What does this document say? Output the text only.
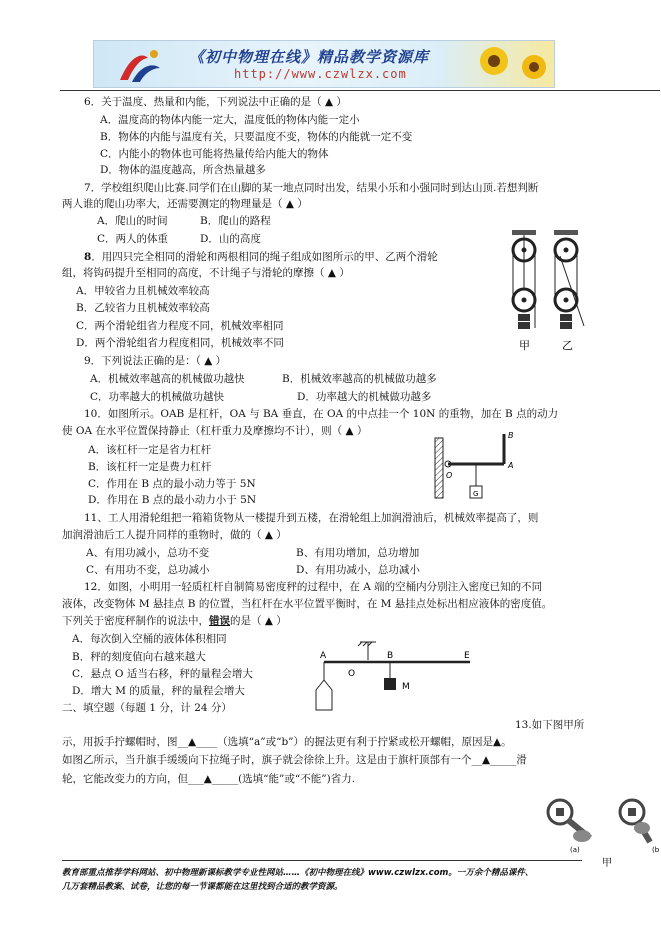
《初中物理在线》精品教学资源库
http://www.czwlzx.com
6．关于温度、热量和内能，下列说法中正确的是（ ▲ ）
A．温度高的物体内能一定大，温度低的物体内能一定小
B．物体的内能与温度有关，只要温度不变，物体的内能就一定不变
C．内能小的物体也可能将热量传给内能大的物体
D．物体的温度越高，所含热量越多
7．学校组织爬山比赛.同学们在山脚的某一地点同时出发，结果小乐和小强同时到达山顶.若想判断
两人谁的爬山功率大，还需要测定的物理量是（ ▲ ）
A．爬山的时间	B．爬山的路程
C．两人的体重	D．山的高度
8．用四只完全相同的滑轮和两根相同的绳子组成如图所示的甲、乙两个滑轮
组，将钩码提升至相同的高度，不计绳子与滑轮的摩擦（ ▲ ）
A．甲较省力且机械效率较高
B．乙较省力且机械效率较高
C．两个滑轮组省力程度不同，机械效率相同
D．两个滑轮组省力程度相同，机械效率不同	甲	乙
9．下列说法正确的是：（ ▲ ）
A．机械效率越高的机械做功越快	B．机械效率越高的机械做功越多
C．功率越大的机械做功越快	D．功率越大的机械做功越多
10．如图所示。OAB 是杠杆，OA 与 BA 垂直，在 OA 的中点挂一个 10N 的重物，加在 B 点的动力
使 OA 在水平位置保持静止（杠杆重力及摩擦均不计），则（ ▲ ）
A．该杠杆一定是省力杠杆
B．该杠杆一定是费力杠杆
C．作用在 B 点的最小动力等于 5N
D．作用在 B 点的最小动力小于 5N
B
A
O
G
11、工人用滑轮组把一箱箱货物从一楼提升到五楼，在滑轮组上加润滑油后，机械效率提高了，则
加润滑油后工人提升同样的重物时，做的（ ▲ ）
A、有用功减小，总功不变	B、有用功增加，总功增加
C、有用功不变，总功减小	D、有用功减小，总功减小
12．如图，小明用一轻质杠杆自制简易密度秤的过程中，在 A 端的空桶内分别注入密度已知的不同
液体，改变物体 M 悬挂点 B 的位置，当杠杆在水平位置平衡时，在 M 悬挂点处标出相应液体的密度值。
下列关于密度秤制作的说法中，错误的是（ ▲ ）
A．每次倒入空桶的液体体积相同
B．秤的刻度值向右越来越大
C．悬点 O 适当右移，秤的量程会增大
D．增大 M 的质量，秤的量程会增大
A
O
B	E
M
二、填空题（每题 1 分，计 24 分）
13.如下图甲所
示，用扳手拧螺帽时，图__▲____（选填“a”或“b”）的握法更有利于拧紧或松开螺帽，原因是▲。
如图乙所示，当升旗手缓缓向下拉绳子时，旗子就会徐徐上升。这是由于旗杆顶部有一个__▲_____滑
轮，它能改变力的方向，但___▲_____(选填“能”或“不能”)省力.
(a)	(b
甲
教育部重点推荐学科网站、初中物理新课标教学专业性网站……《初中物理在线》www.czwlzx.com。一万余个精品课件、
几万套精品教案、试卷，让您的每一节课都能在这里找到合适的教学资源。
